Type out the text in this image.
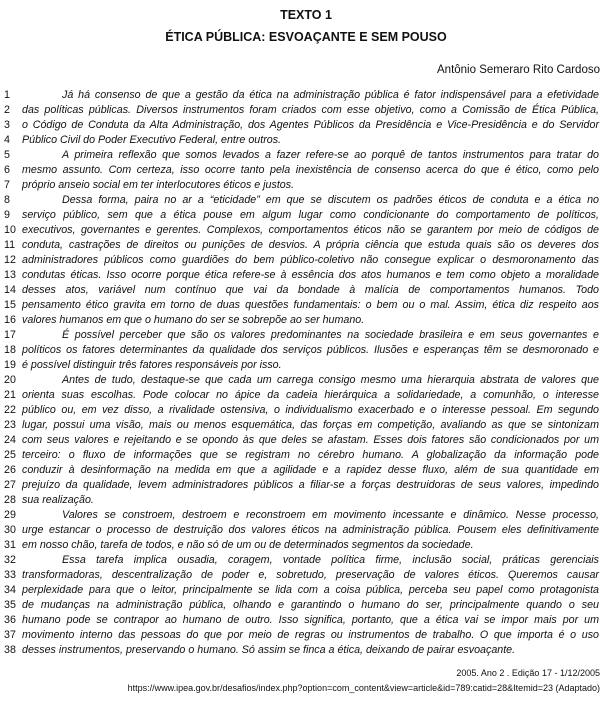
TEXTO 1
ÉTICA PÚBLICA: ESVOAÇANTE E SEM POUSO
Antônio Semeraro Rito Cardoso
1	Já há consenso de que a gestão da ética na administração pública é fator indispensável para a efetividade
2	das políticas públicas. Diversos instrumentos foram criados com esse objetivo, como a Comissão de Ética Pública,
3	o Código de Conduta da Alta Administração, dos Agentes Públicos da Presidência e Vice-Presidência e do Servidor
4	Público Civil do Poder Executivo Federal, entre outros.
5	A primeira reflexão que somos levados a fazer refere-se ao porquê de tantos instrumentos para tratar do
6	mesmo assunto. Com certeza, isso ocorre tanto pela inexistência de consenso acerca do que é ético, como pelo
7	próprio anseio social em ter interlocutores éticos e justos.
8	Dessa forma, paira no ar a “eticidade” em que se discutem os padrões éticos de conduta e a ética no
9	serviço público, sem que a ética pouse em algum lugar como condicionante do comportamento de políticos,
10 executivos, governantes e gerentes. Complexos, comportamentos éticos não se garantem por meio de códigos de
11 conduta, castrações de direitos ou punições de desvios. A própria ciência que estuda quais são os deveres dos
12 administradores públicos como guardiões do bem público-coletivo não consegue explicar o desmoronamento das
13 condutas éticas. Isso ocorre porque ética refere-se à essência dos atos humanos e tem como objeto a moralidade
14 desses atos, variável num contínuo que vai da bondade à malícia de comportamentos humanos. Todo
15 pensamento ético gravita em torno de duas questões fundamentais: o bem ou o mal. Assim, ética diz respeito aos
16 valores humanos em que o humano do ser se sobrepõe ao ser humano.
17	É possível perceber que são os valores predominantes na sociedade brasileira e em seus governantes e
18 políticos os fatores determinantes da qualidade dos serviços públicos. Ilusões e esperanças têm se desmoronado e
19 é possível distinguir três fatores responsáveis por isso.
20	Antes de tudo, destaque-se que cada um carrega consigo mesmo uma hierarquia abstrata de valores que
21 orienta suas escolhas. Pode colocar no ápice da cadeia hierárquica a solidariedade, a comunhão, o interesse
22 público ou, em vez disso, a rivalidade ostensiva, o individualismo exacerbado e o interesse pessoal. Em segundo
23 lugar, possui uma visão, mais ou menos esquemática, das forças em competição, avaliando as que se sintonizam
24 com seus valores e rejeitando e se opondo às que deles se afastam. Esses dois fatores são condicionados por um
25 terceiro: o fluxo de informações que se registram no cérebro humano. A globalização da informação pode
26 conduzir à desinformação na medida em que a agilidade e a rapidez desse fluxo, além de sua quantidade em
27 prejuízo da qualidade, levem administradores públicos a filiar-se a forças destruidoras de seus valores, impedindo
28 sua realização.
29	Valores se constroem, destroem e reconstroem em movimento incessante e dinâmico. Nesse processo,
30 urge estancar o processo de destruição dos valores éticos na administração pública. Pousem eles definitivamente
31 em nosso chão, tarefa de todos, e não só de um ou de determinados segmentos da sociedade.
32	Essa tarefa implica ousadia, coragem, vontade política firme, inclusão social, práticas gerenciais
33 transformadoras, descentralização de poder e, sobretudo, preservação de valores éticos. Queremos causar
34 perplexidade para que o leitor, principalmente se lida com a coisa pública, perceba seu papel como protagonista
35 de mudanças na administração pública, olhando e garantindo o humano do ser, principalmente quando o seu
36 humano pode se contrapor ao humano de outro. Isso significa, portanto, que a ética vai se impor mais por um
37 movimento interno das pessoas do que por meio de regras ou instrumentos de trabalho. O que importa é o uso
38 desses instrumentos, preservando o humano. Só assim se finca a ética, deixando de pairar esvoaçante.
2005. Ano 2 . Edição 17 - 1/12/2005
https://www.ipea.gov.br/desafios/index.php?option=com_content&view=article&id=789:catid=28&Itemid=23 (Adaptado)
